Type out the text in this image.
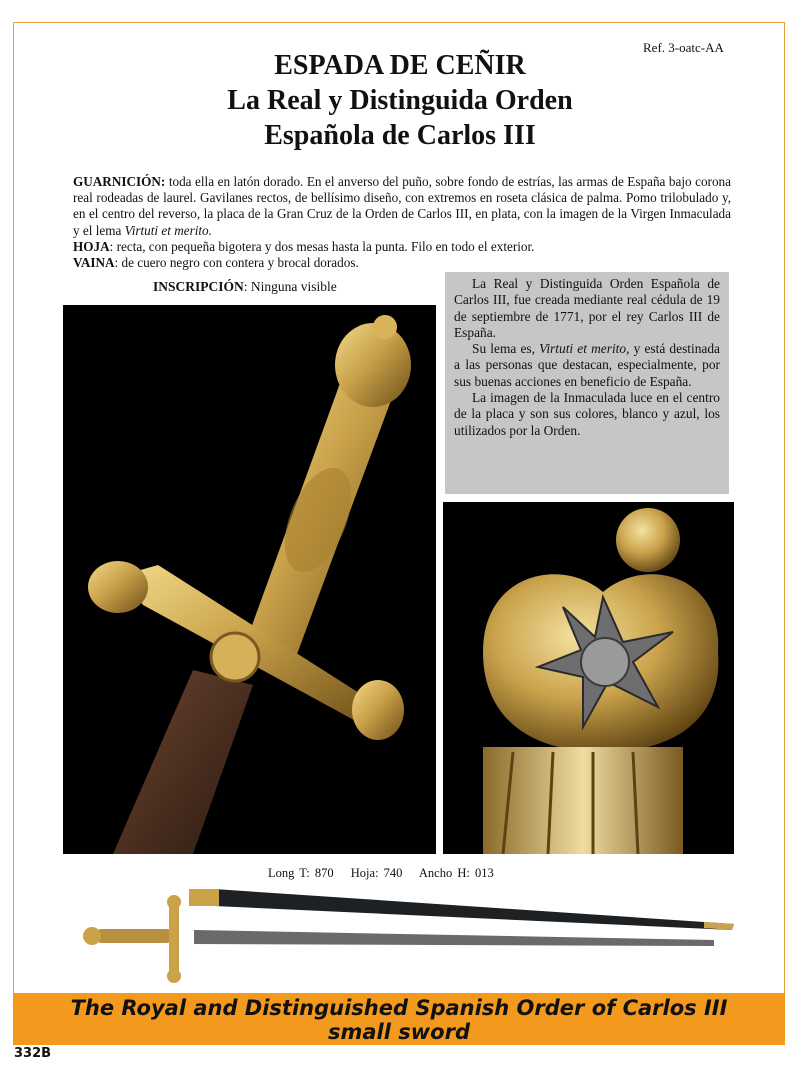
Ref. 3-oatc-AA
ESPADA DE CEÑIR
La Real y Distinguida Orden
Española de Carlos III

GUARNICIÓN: toda ella en latón dorado. En el anverso del puño, sobre fondo de estrías, las armas de España bajo corona real rodeadas de laurel. Gavilanes rectos, de bellísimo diseño, con extremos en roseta clásica de palma. Pomo trilobulado y, en el centro del reverso, la placa de la Gran Cruz de la Orden de Carlos III, en plata, con la imagen de la Virgen Inmaculada y el lema Virtuti et merito.

HOJA: recta, con pequeña bigotera y dos mesas hasta la punta. Filo en todo el exterior.

VAINA: de cuero negro con contera y brocal dorados.

INSCRIPCIÓN: Ninguna visible	La Real y Distinguida Orden Española de Carlos III, fue creada mediante real cédula de 19 de septiembre de 1771, por el rey Carlos III de España.

Su lema es, Virtuti et merito, y está destinada a las personas que destacan, especialmente, por sus buenas acciones en beneficio de España.

La imagen de la Inmaculada luce en el centro de la placa y son sus colores, blanco y azul, los utilizados por la Orden.

Long T: 870 Hoja: 740 Ancho H: 013
The Royal and Distinguished Spanish Order of Carlos III
small sword
332B
